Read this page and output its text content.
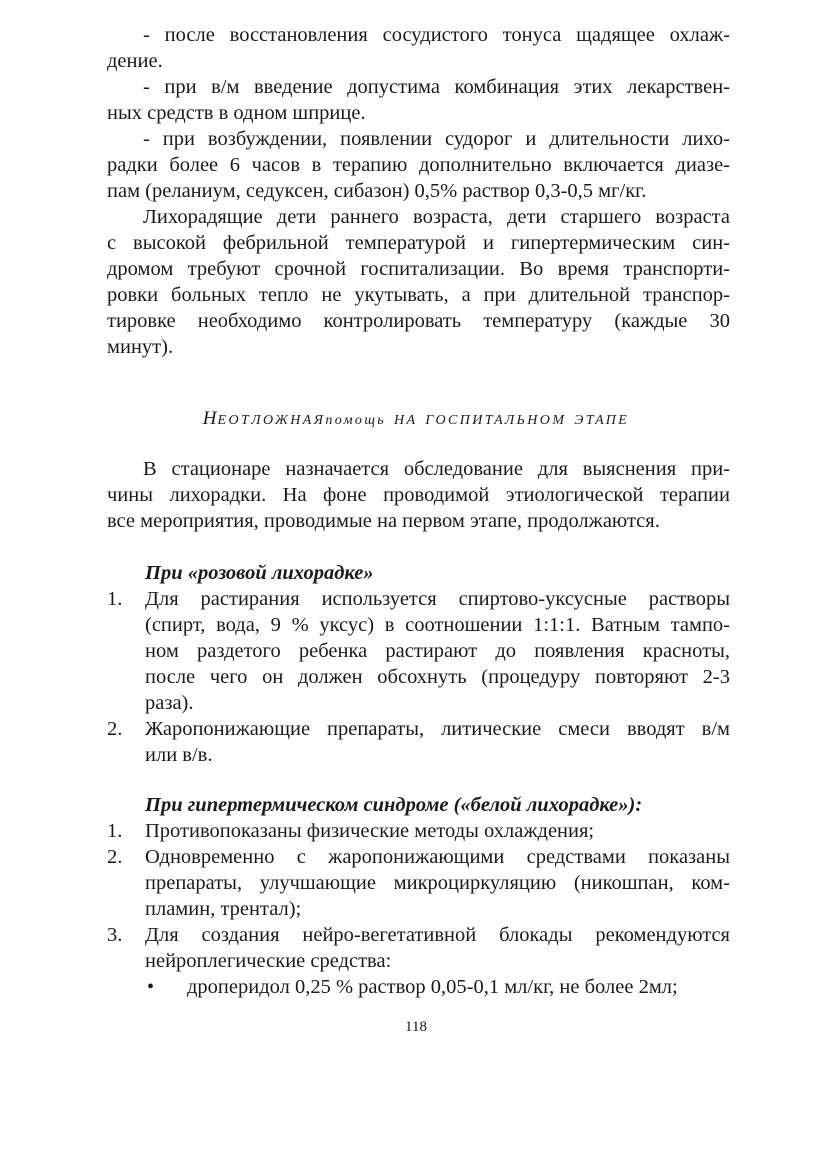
- после восстановления сосудистого тонуса щадящее охлаж-
дение.
- при в/м введение допустима комбинация этих лекарствен-
ных средств в одном шприце.
- при возбуждении, появлении судорог и длительности лихо-
радки более 6 часов в терапию дополнительно включается диазе-
пам (реланиум, седуксен, сибазон) 0,5% раствор 0,3-0,5 мг/кг.
Лихорадящие дети раннего возраста, дети старшего возраста
с высокой фебрильной температурой и гипертермическим син-
дромом требуют срочной госпитализации. Во время транспорти-
ровки больных тепло не укутывать, а при длительной транспор-
тировке необходимо контролировать температуру (каждые 30
минут).
НЕОТЛОЖНАЯпомощь НА ГОСПИТАЛЬНОМ ЭТАПЕ
В стационаре назначается обследование для выяснения при-
чины лихорадки. На фоне проводимой этиологической терапии
все мероприятия, проводимые на первом этапе, продолжаются.
При «розовой лихорадке»
1. Для растирания используется спиртово-уксусные растворы
(спирт, вода, 9 % уксус) в соотношении 1:1:1. Ватным тампо-
ном раздетого ребенка растирают до появления красноты,
после чего он должен обсохнуть (процедуру повторяют 2-3
раза).
2. Жаропонижающие препараты, литические смеси вводят в/м
или в/в.
При гипертермическом синдроме («белой лихорадке»):
1. Противопоказаны физические методы охлаждения;
2. Одновременно с жаропонижающими средствами показаны
препараты, улучшающие микроциркуляцию (никошпан, ком-
пламин, трентал);
3. Для создания нейро-вегетативной блокады рекомендуются
нейроплегические средства:
• дроперидол 0,25 % раствор 0,05-0,1 мл/кг, не более 2мл;
118
